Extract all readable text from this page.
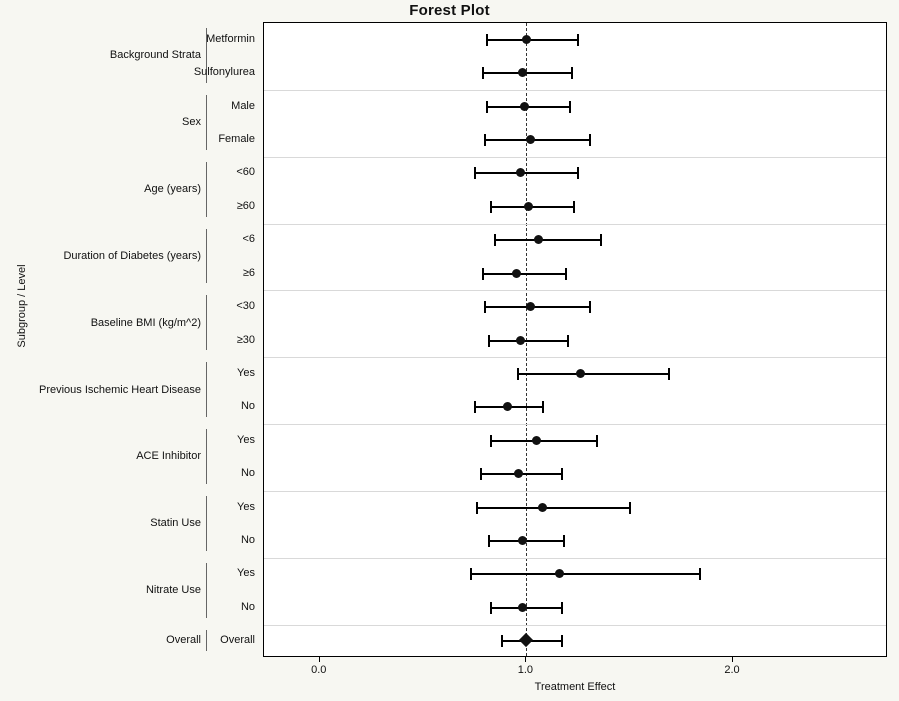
Forest Plot
Background Strata
Metformin
Sulfonylurea
Sex
Male
Female
Age (years)
<60
≥60
Duration of Diabetes (years)
<6
≥6
Baseline BMI (kg/m^2)
<30
≥30
Previous Ischemic Heart Disease
Yes
No
ACE Inhibitor
Yes
No
Statin Use
Yes
No
Nitrate Use
Yes
No
Overall Overall
Treatment Effect
0.0	1.0	2.0
Subgroup / Level
